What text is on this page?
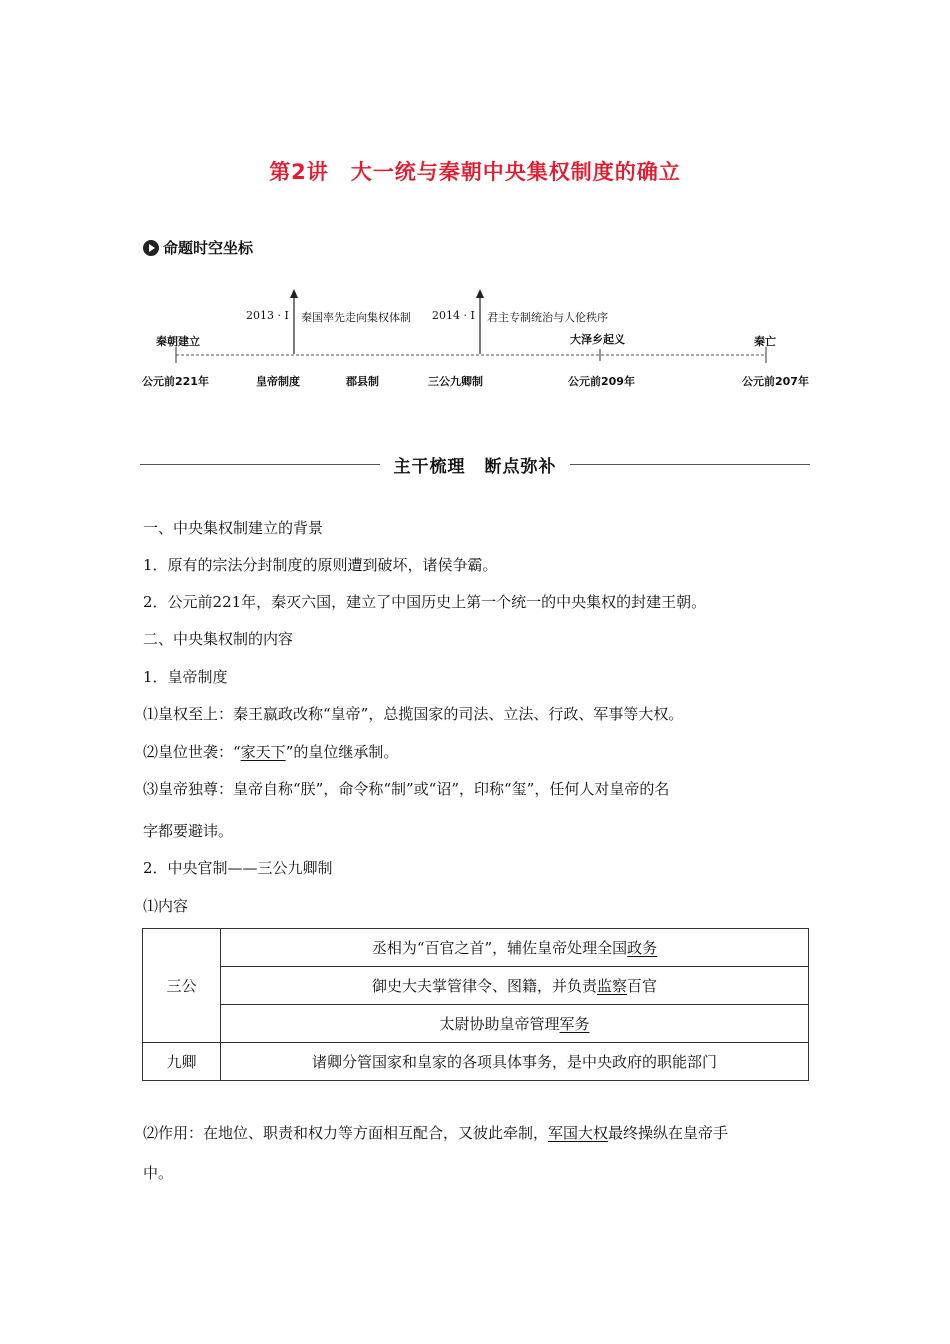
第2讲　大一统与秦朝中央集权制度的确立
命题时空坐标
2013 · Ⅰ 秦国率先走向集权体制 2014 · Ⅰ 君主专制统治与人伦秩序
秦朝建立	大泽乡起义	秦亡
公元前221年	皇帝制度	郡县制	三公九卿制	公元前209年	公元前207年
主干梳理 断点弥补
一、中央集权制建立的背景
1．原有的宗法分封制度的原则遭到破坏，诸侯争霸。
2．公元前221年，秦灭六国，建立了中国历史上第一个统一的中央集权的封建王朝。
二、中央集权制的内容
1．皇帝制度
⑴皇权至上：秦王嬴政改称“皇帝”，总揽国家的司法、立法、行政、军事等大权。
⑵皇位世袭：“家天下”的皇位继承制。
⑶皇帝独尊：皇帝自称“朕”，命令称“制”或“诏”，印称“玺”，任何人对皇帝的名
字都要避讳。
2．中央官制——三公九卿制
⑴内容
三公	丞相为“百官之首”，辅佐皇帝处理全国政务
	御史大夫掌管律令、图籍，并负责监察百官
	太尉协助皇帝管理军务
九卿	诸卿分管国家和皇家的各项具体事务，是中央政府的职能部门
⑵作用：在地位、职责和权力等方面相互配合，又彼此牵制，军国大权最终操纵在皇帝手
中。
